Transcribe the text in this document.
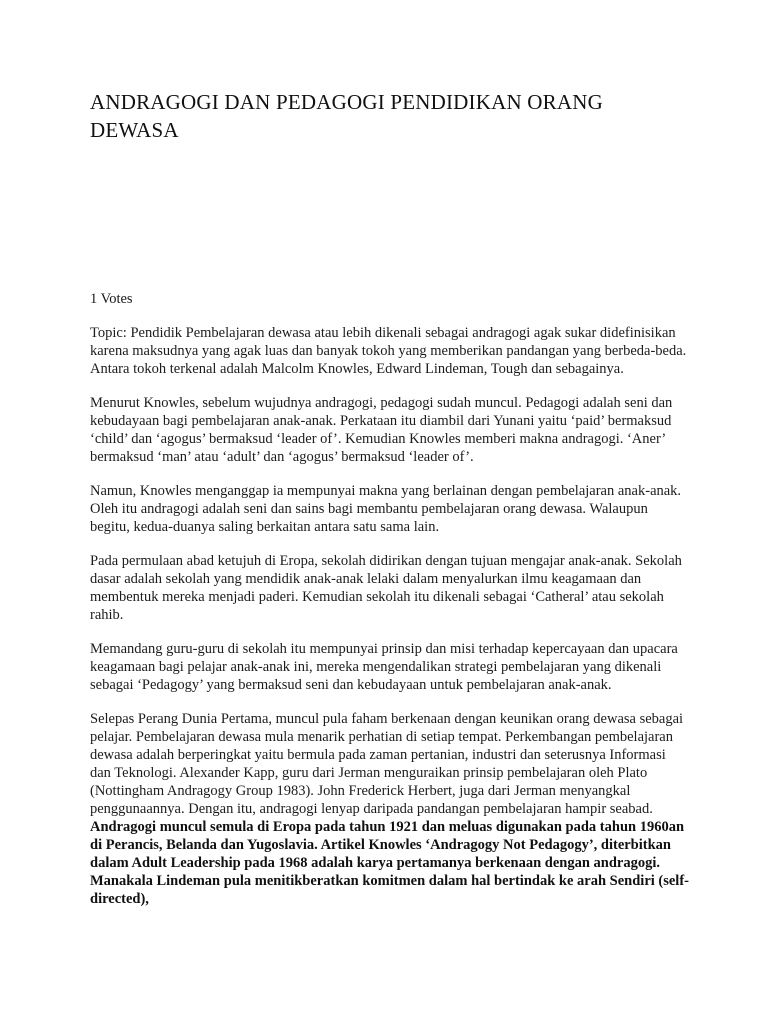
ANDRAGOGI DAN PEDAGOGI PENDIDIKAN ORANG DEWASA

1 Votes

Topic: Pendidik Pembelajaran dewasa atau lebih dikenali sebagai andragogi agak sukar didefinisikan karena maksudnya yang agak luas dan banyak tokoh yang memberikan pandangan yang berbeda-beda. Antara tokoh terkenal adalah Malcolm Knowles, Edward Lindeman, Tough dan sebagainya.

Menurut Knowles, sebelum wujudnya andragogi, pedagogi sudah muncul. Pedagogi adalah seni dan kebudayaan bagi pembelajaran anak-anak. Perkataan itu diambil dari Yunani yaitu ‘paid’ bermaksud ‘child’ dan ‘agogus’ bermaksud ‘leader of’. Kemudian Knowles memberi makna andragogi. ‘Aner’ bermaksud ‘man’ atau ‘adult’ dan ‘agogus’ bermaksud ‘leader of’.

Namun, Knowles menganggap ia mempunyai makna yang berlainan dengan pembelajaran anak-anak. Oleh itu andragogi adalah seni dan sains bagi membantu pembelajaran orang dewasa. Walaupun begitu, kedua-duanya saling berkaitan antara satu sama lain.

Pada permulaan abad ketujuh di Eropa, sekolah didirikan dengan tujuan mengajar anak-anak. Sekolah dasar adalah sekolah yang mendidik anak-anak lelaki dalam menyalurkan ilmu keagamaan dan membentuk mereka menjadi paderi. Kemudian sekolah itu dikenali sebagai ‘Catheral’ atau sekolah rahib.

Memandang guru-guru di sekolah itu mempunyai prinsip dan misi terhadap kepercayaan dan upacara keagamaan bagi pelajar anak-anak ini, mereka mengendalikan strategi pembelajaran yang dikenali sebagai ‘Pedagogy’ yang bermaksud seni dan kebudayaan untuk pembelajaran anak-anak.

Selepas Perang Dunia Pertama, muncul pula faham berkenaan dengan keunikan orang dewasa sebagai pelajar. Pembelajaran dewasa mula menarik perhatian di setiap tempat. Perkembangan pembelajaran dewasa adalah berperingkat yaitu bermula pada zaman pertanian, industri dan seterusnya Informasi dan Teknologi. Alexander Kapp, guru dari Jerman menguraikan prinsip pembelajaran oleh Plato (Nottingham Andragogy Group 1983). John Frederick Herbert, juga dari Jerman menyangkal penggunaannya. Dengan itu, andragogi lenyap daripada pandangan pembelajaran hampir seabad. Andragogi muncul semula di Eropa pada tahun 1921 dan meluas digunakan pada tahun 1960an di Perancis, Belanda dan Yugoslavia. Artikel Knowles ‘Andragogy Not Pedagogy’, diterbitkan dalam Adult Leadership pada 1968 adalah karya pertamanya berkenaan dengan andragogi. Manakala Lindeman pula menitikberatkan komitmen dalam hal bertindak ke arah Sendiri (self-directed),
